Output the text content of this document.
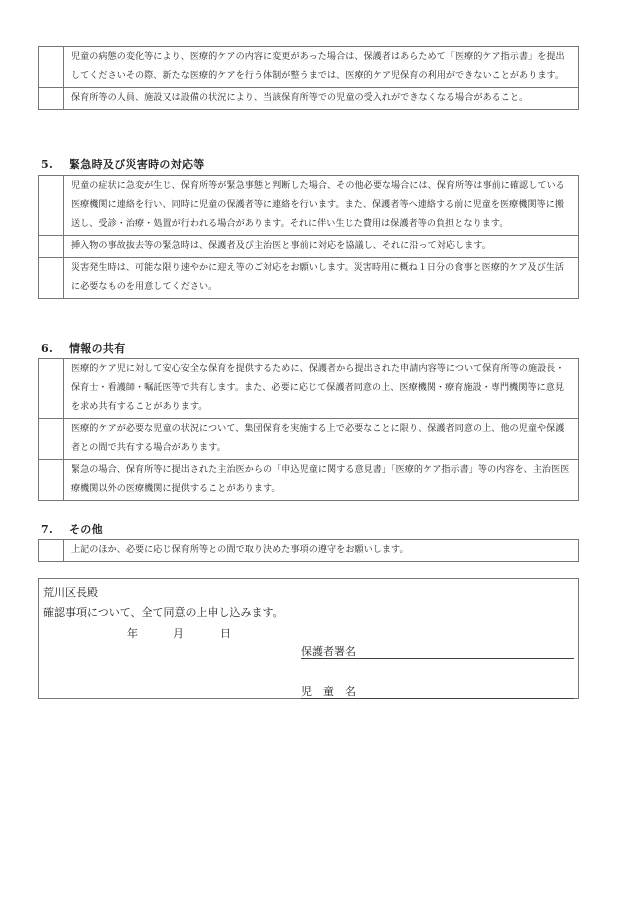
	児童の病態の変化等により、医療的ケアの内容に変更があった場合は、保護者はあらためて「医療的ケア指示書」を提出してくださいその際、新たな医療的ケアを行う体制が整うまでは、医療的ケア児保育の利用ができないことがあります。
	保育所等の人員、施設又は設備の状況により、当該保育所等での児童の受入れができなくなる場合があること。
5. 緊急時及び災害時の対応等
	児童の症状に急変が生じ、保育所等が緊急事態と判断した場合、その他必要な場合には、保育所等は事前に確認している医療機関に連絡を行い、同時に児童の保護者等に連絡を行います。また、保護者等へ連絡する前に児童を医療機関等に搬送し、受診・治療・処置が行われる場合があります。それに伴い生じた費用は保護者等の負担となります。
	挿入物の事故抜去等の緊急時は、保護者及び主治医と事前に対応を協議し、それに沿って対応します。
	災害発生時は、可能な限り速やかに迎え等のご対応をお願いします。災害時用に概ね１日分の食事と医療的ケア及び生活に必要なものを用意してください。
6. 情報の共有
	医療的ケア児に対して安心安全な保育を提供するために、保護者から提出された申請内容等について保育所等の施設長・保育士・看護師・嘱託医等で共有します。また、必要に応じて保護者同意の上、医療機関・療育施設・専門機関等に意見を求め共有することがあります。
	医療的ケアが必要な児童の状況について、集団保育を実施する上で必要なことに限り、保護者同意の上、他の児童や保護者との間で共有する場合があります。
	緊急の場合、保育所等に提出された主治医からの「申込児童に関する意見書」「医療的ケア指示書」等の内容を、主治医医療機関以外の医療機関に提供することがあります。
7. その他
	上記のほか、必要に応じ保育所等との間で取り決めた事項の遵守をお願いします。
荒川区長殿
確認事項について、全て同意の上申し込みます。
年	月	日
保護者署名
児　童　名
